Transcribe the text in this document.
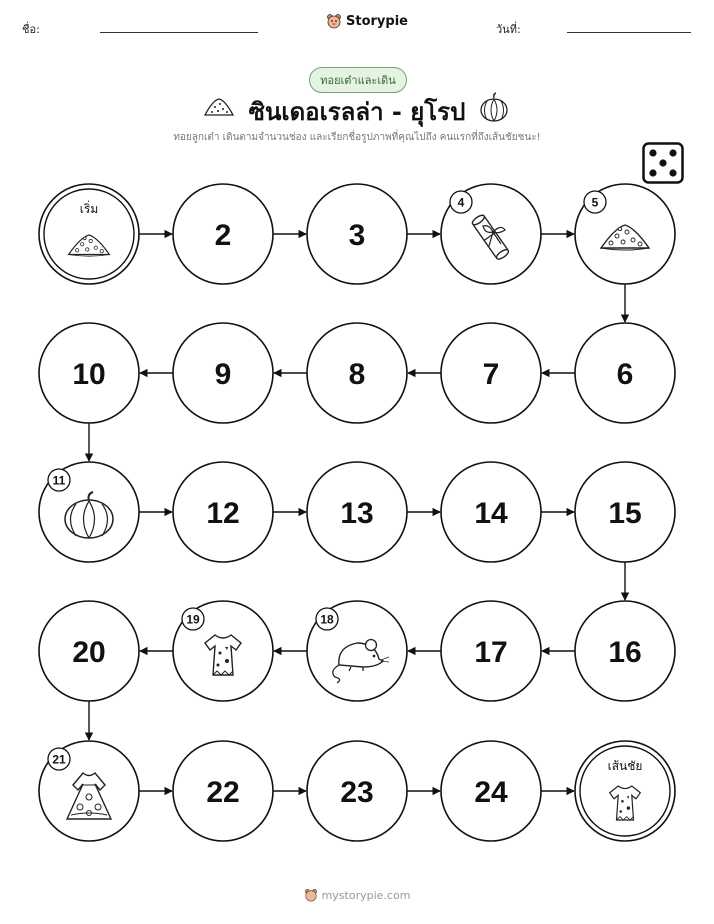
ชื่อ:
Storypie
วันที่:
ทอยเต๋าและเดิน
ซินเดอเรลล่า - ยุโรป
ทอยลูกเต๋า เดินตามจำนวนช่อง และเรียกชื่อรูปภาพที่คุณไปถึง คนแรกที่ถึงเส้นชัยชนะ!
เริ่ม
2	3
4	5
6
7
8
9
10
11
12	13	14	15
16
17
18
19
20
21
22	23	24
เส้นชัย
mystorypie.com
